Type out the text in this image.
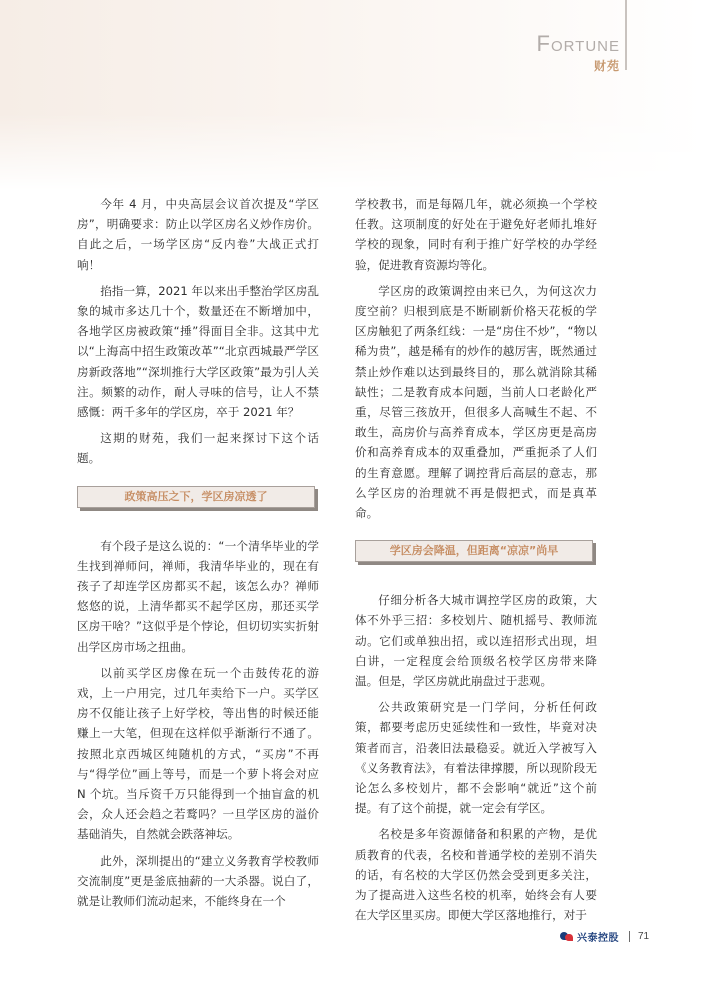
FORTUNE
财苑

今年 4 月，中央高层会议首次提及“学区房”，明确要求：防止以学区房名义炒作房价。自此之后，一场学区房“反内卷”大战正式打响！

掐指一算，2021 年以来出手整治学区房乱象的城市多达几十个，数量还在不断增加中，各地学区房被政策“捶”得面目全非。这其中尤以“上海高中招生政策改革”“北京西城最严学区房新政落地”“深圳推行大学区政策”最为引人关注。频繁的动作，耐人寻味的信号，让人不禁感慨：两千多年的学区房，卒于 2021 年？

这期的财苑，我们一起来探讨下这个话题。

政策高压之下，学区房凉透了

有个段子是这么说的：“一个清华毕业的学生找到禅师问，禅师，我清华毕业的，现在有孩子了却连学区房都买不起，该怎么办？禅师悠悠的说，上清华都买不起学区房，那还买学区房干啥？”这似乎是个悖论，但切切实实折射出学区房市场之扭曲。

以前买学区房像在玩一个击鼓传花的游戏，上一户用完，过几年卖给下一户。买学区房不仅能让孩子上好学校，等出售的时候还能赚上一大笔，但现在这样似乎渐渐行不通了。按照北京西城区纯随机的方式，“买房”不再与“得学位”画上等号，而是一个萝卜将会对应 N 个坑。当斥资千万只能得到一个抽盲盒的机会，众人还会趋之若鹜吗？一旦学区房的溢价基础消失，自然就会跌落神坛。

此外，深圳提出的“建立义务教育学校教师交流制度”更是釜底抽薪的一大杀器。说白了，就是让教师们流动起来，不能终身在一个

学校教书，而是每隔几年，就必须换一个学校任教。这项制度的好处在于避免好老师扎堆好学校的现象，同时有利于推广好学校的办学经验，促进教育资源均等化。

学区房的政策调控由来已久，为何这次力度空前？归根到底是不断刷新价格天花板的学区房触犯了两条红线：一是“房住不炒”，“物以稀为贵”，越是稀有的炒作的越厉害，既然通过禁止炒作难以达到最终目的，那么就消除其稀缺性；二是教育成本问题，当前人口老龄化严重，尽管三孩放开，但很多人高喊生不起、不敢生，高房价与高养育成本，学区房更是高房价和高养育成本的双重叠加，严重扼杀了人们的生育意愿。理解了调控背后高层的意志，那么学区房的治理就不再是假把式，而是真革命。

学区房会降温，但距离“凉凉”尚早

仔细分析各大城市调控学区房的政策，大体不外乎三招：多校划片、随机摇号、教师流动。它们或单独出招，或以连招形式出现，坦白讲，一定程度会给顶级名校学区房带来降温。但是，学区房就此崩盘过于悲观。

公共政策研究是一门学问，分析任何政策，都要考虑历史延续性和一致性，毕竟对决策者而言，沿袭旧法最稳妥。就近入学被写入《义务教育法》，有着法律撑腰，所以现阶段无论怎么多校划片，都不会影响“就近”这个前提。有了这个前提，就一定会有学区。

名校是多年资源储备和积累的产物，是优质教育的代表，名校和普通学校的差别不消失的话，有名校的大学区仍然会受到更多关注，为了提高进入这些名校的机率，始终会有人要在大学区里买房。即便大学区落地推行，对于

兴泰控股 71
